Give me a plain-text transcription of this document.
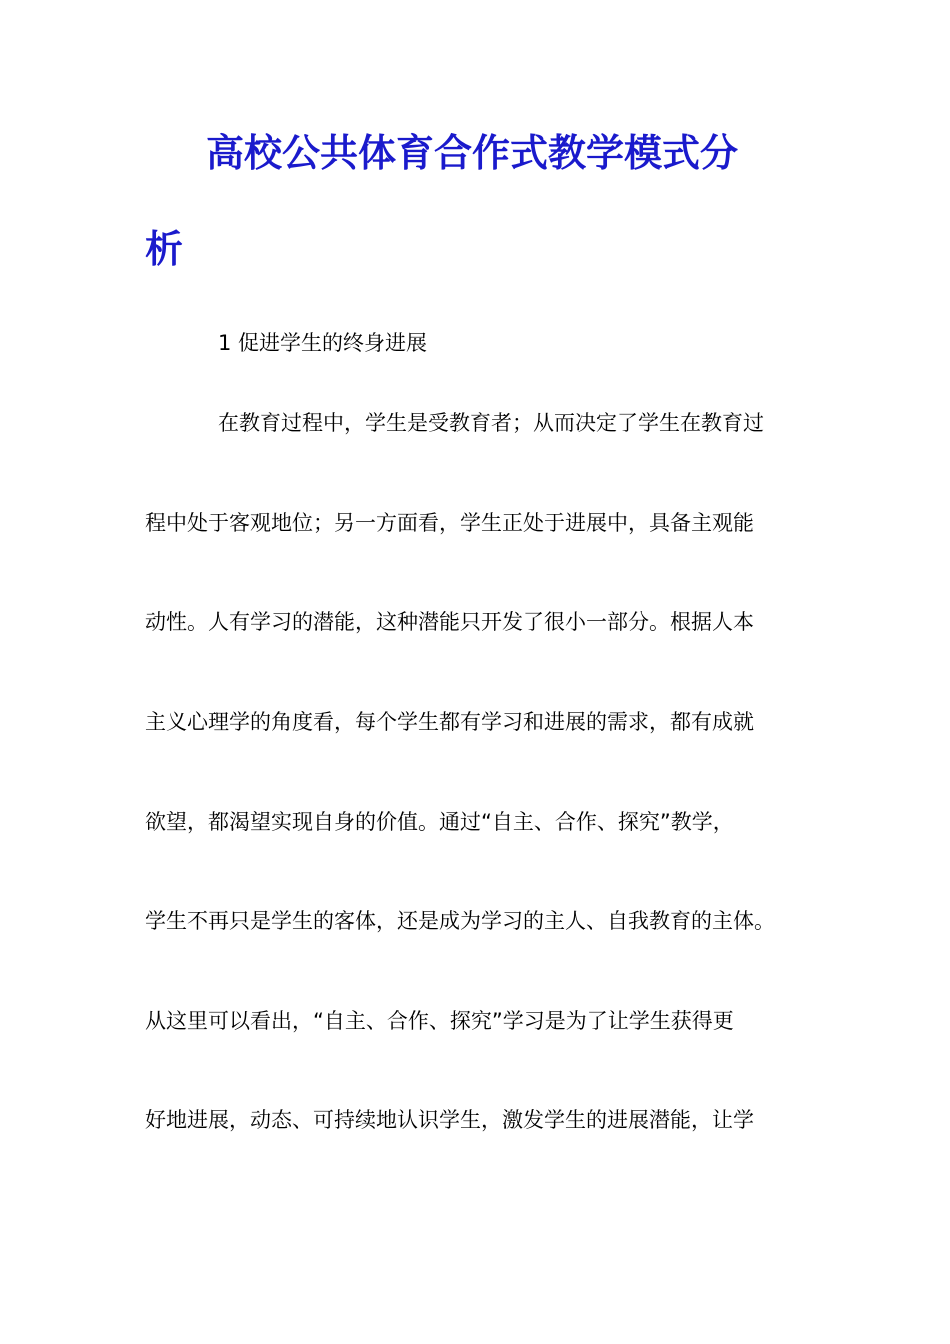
高校公共体育合作式教学模式分
析

1 促进学生的终身进展

在教育过程中，学生是受教育者；从而决定了学生在教育过

程中处于客观地位；另一方面看，学生正处于进展中，具备主观能

动性。人有学习的潜能，这种潜能只开发了很小一部分。根据人本

主义心理学的角度看，每个学生都有学习和进展的需求，都有成就

欲望，都渴望实现自身的价值。通过“自主、合作、探究”教学，

学生不再只是学生的客体，还是成为学习的主人、自我教育的主体。

从这里可以看出，“自主、合作、探究”学习是为了让学生获得更

好地进展，动态、可持续地认识学生，激发学生的进展潜能，让学
